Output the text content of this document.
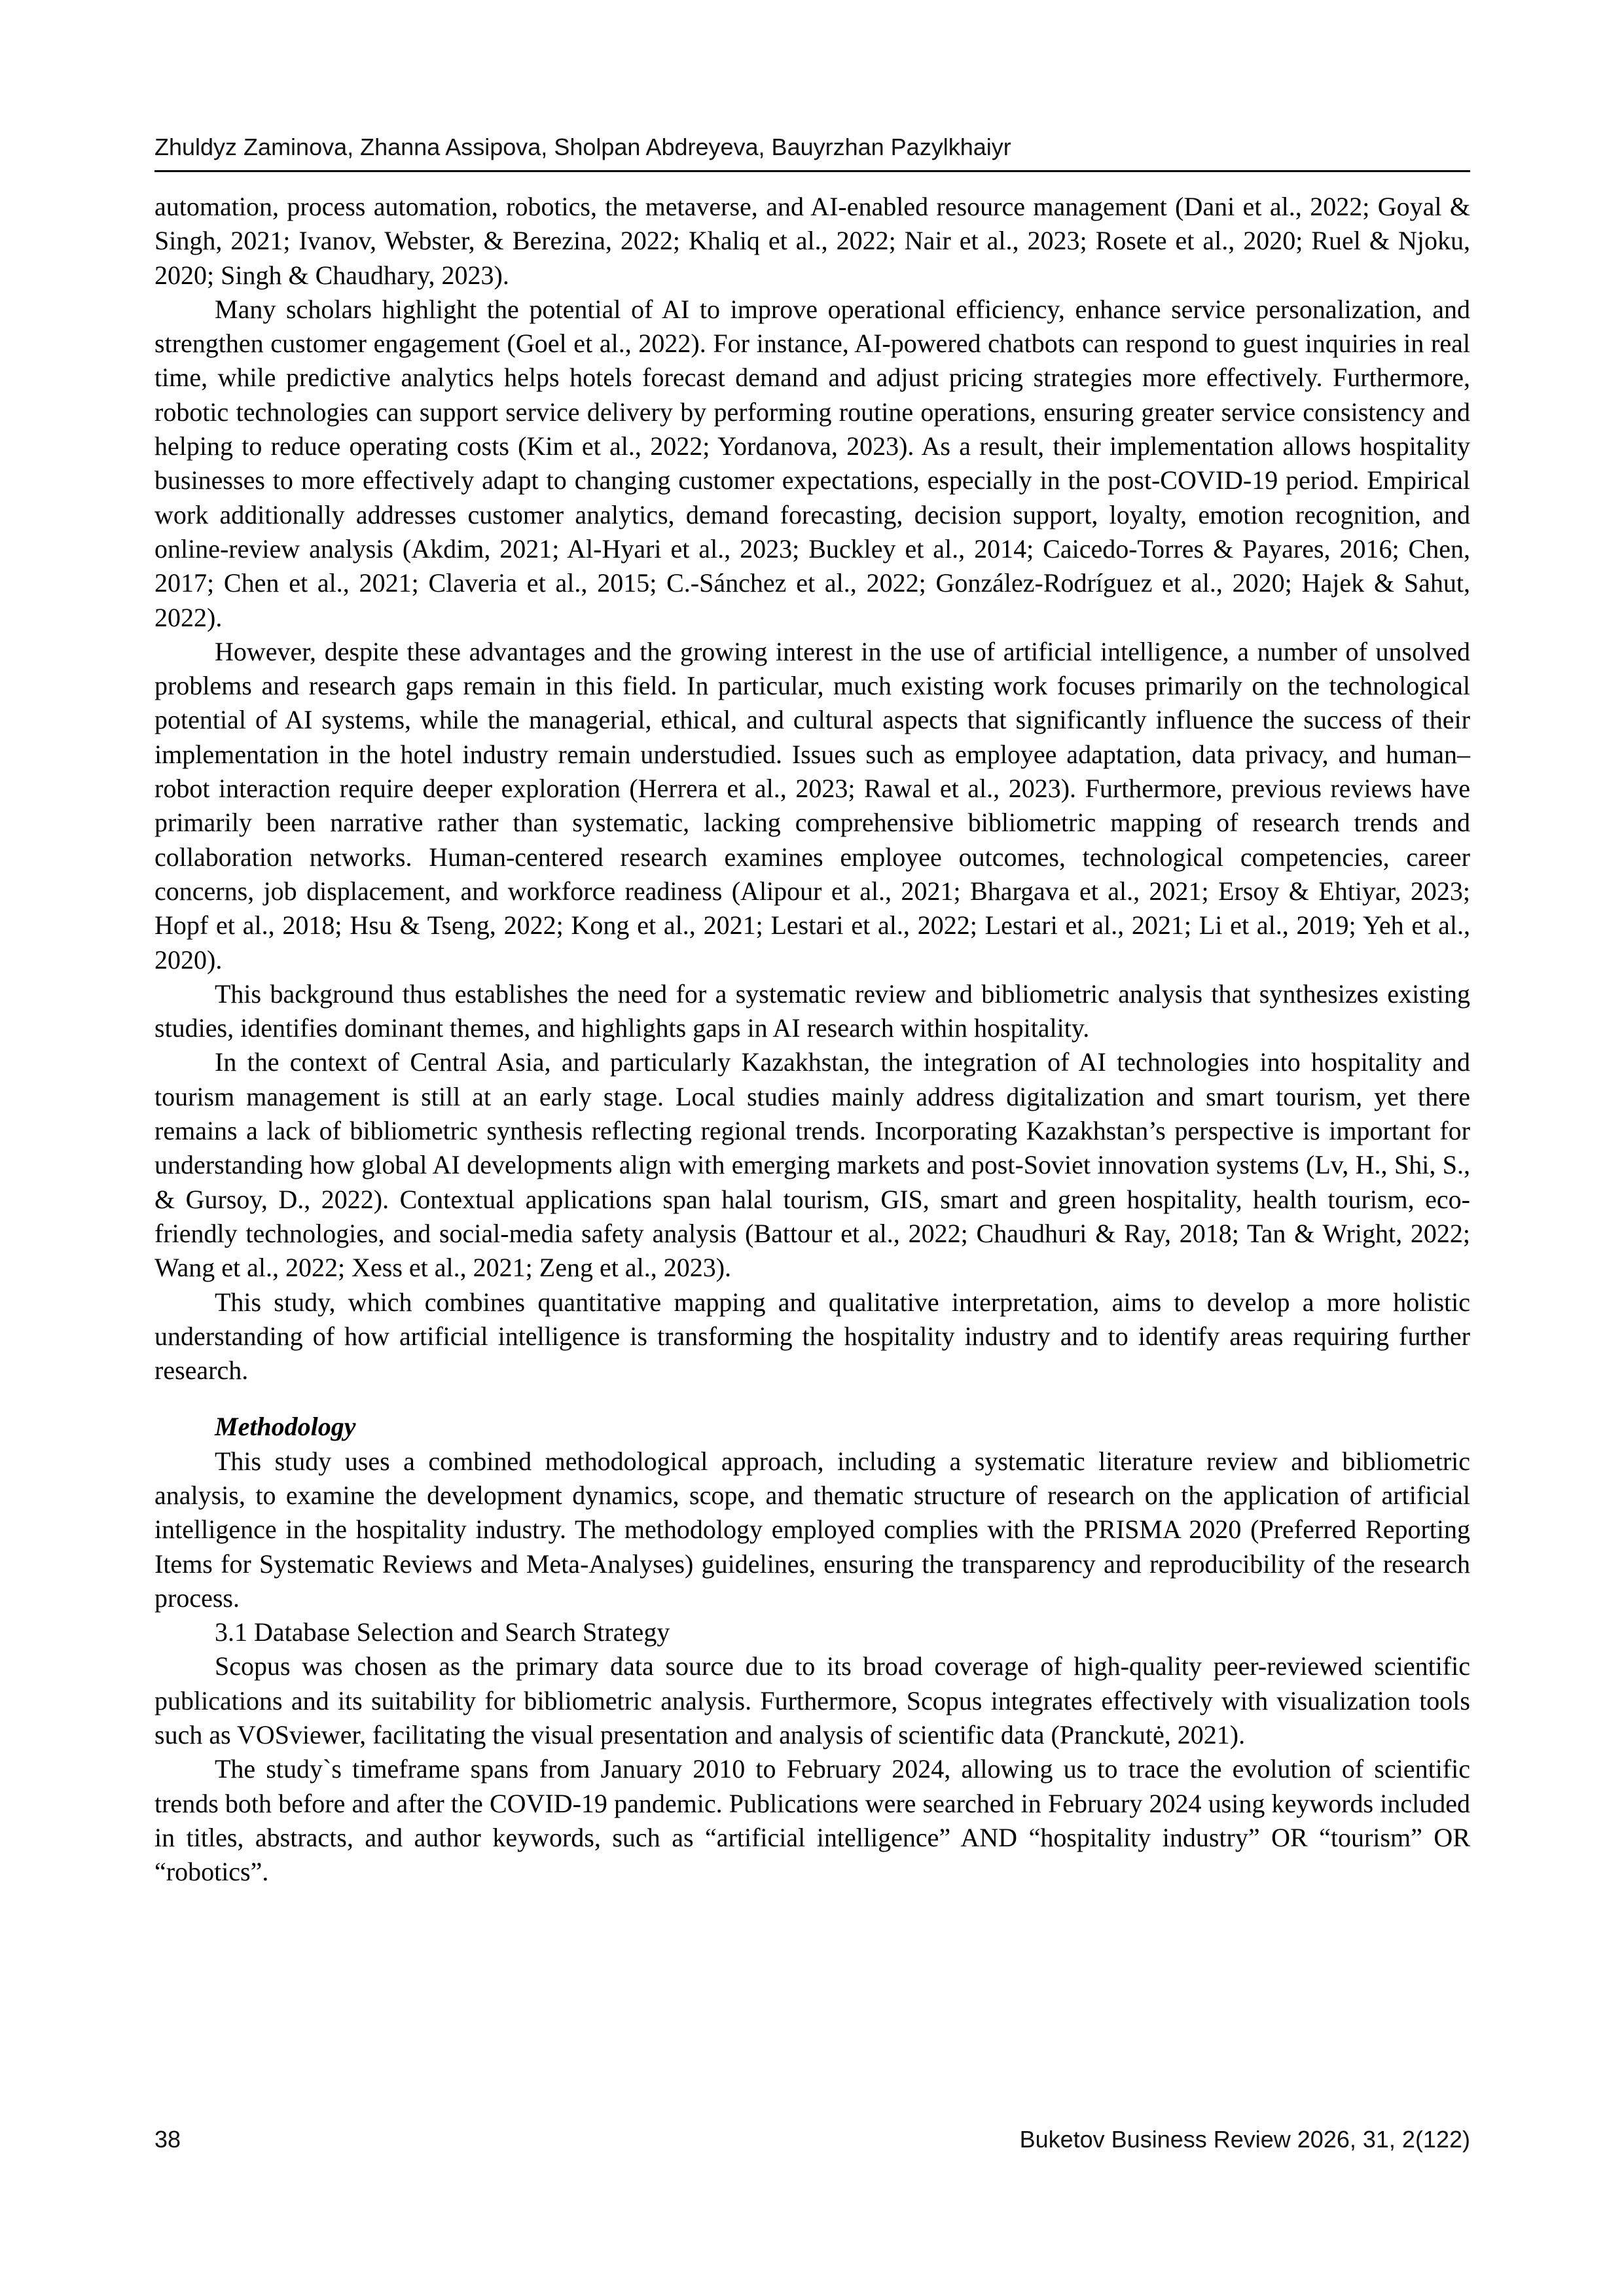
Zhuldyz Zaminova, Zhanna Assipova, Sholpan Abdreyeva, Bauyrzhan Pazylkhaiyr

automation, process automation, robotics, the metaverse, and AI-enabled resource management (Dani et al., 2022; Goyal & Singh, 2021; Ivanov, Webster, & Berezina, 2022; Khaliq et al., 2022; Nair et al., 2023; Rosete et al., 2020; Ruel & Njoku, 2020; Singh & Chaudhary, 2023).

Many scholars highlight the potential of AI to improve operational efficiency, enhance service personalization, and strengthen customer engagement (Goel et al., 2022). For instance, AI-powered chatbots can respond to guest inquiries in real time, while predictive analytics helps hotels forecast demand and adjust pricing strategies more effectively. Furthermore, robotic technologies can support service delivery by performing routine operations, ensuring greater service consistency and helping to reduce operating costs (Kim et al., 2022; Yordanova, 2023). As a result, their implementation allows hospitality businesses to more effectively adapt to changing customer expectations, especially in the post-COVID-19 period. Empirical work additionally addresses customer analytics, demand forecasting, decision support, loyalty, emotion recognition, and online-review analysis (Akdim, 2021; Al-Hyari et al., 2023; Buckley et al., 2014; Caicedo-Torres & Payares, 2016; Chen, 2017; Chen et al., 2021; Claveria et al., 2015; C.-Sánchez et al., 2022; González-Rodríguez et al., 2020; Hajek & Sahut, 2022).

However, despite these advantages and the growing interest in the use of artificial intelligence, a number of unsolved problems and research gaps remain in this field. In particular, much existing work focuses primarily on the technological potential of AI systems, while the managerial, ethical, and cultural aspects that significantly influence the success of their implementation in the hotel industry remain understudied. Issues such as employee adaptation, data privacy, and human–robot interaction require deeper exploration (Herrera et al., 2023; Rawal et al., 2023). Furthermore, previous reviews have primarily been narrative rather than systematic, lacking comprehensive bibliometric mapping of research trends and collaboration networks. Human-centered research examines employee outcomes, technological competencies, career concerns, job displacement, and workforce readiness (Alipour et al., 2021; Bhargava et al., 2021; Ersoy & Ehtiyar, 2023; Hopf et al., 2018; Hsu & Tseng, 2022; Kong et al., 2021; Lestari et al., 2022; Lestari et al., 2021; Li et al., 2019; Yeh et al., 2020).

This background thus establishes the need for a systematic review and bibliometric analysis that synthesizes existing studies, identifies dominant themes, and highlights gaps in AI research within hospitality.

In the context of Central Asia, and particularly Kazakhstan, the integration of AI technologies into hospitality and tourism management is still at an early stage. Local studies mainly address digitalization and smart tourism, yet there remains a lack of bibliometric synthesis reflecting regional trends. Incorporating Kazakhstan’s perspective is important for understanding how global AI developments align with emerging markets and post-Soviet innovation systems (Lv, H., Shi, S., & Gursoy, D., 2022). Contextual applications span halal tourism, GIS, smart and green hospitality, health tourism, eco-friendly technologies, and social-media safety analysis (Battour et al., 2022; Chaudhuri & Ray, 2018; Tan & Wright, 2022; Wang et al., 2022; Xess et al., 2021; Zeng et al., 2023).

This study, which combines quantitative mapping and qualitative interpretation, aims to develop a more holistic understanding of how artificial intelligence is transforming the hospitality industry and to identify areas requiring further research.

Methodology

This study uses a combined methodological approach, including a systematic literature review and bibliometric analysis, to examine the development dynamics, scope, and thematic structure of research on the application of artificial intelligence in the hospitality industry. The methodology employed complies with the PRISMA 2020 (Preferred Reporting Items for Systematic Reviews and Meta-Analyses) guidelines, ensuring the transparency and reproducibility of the research process.

3.1 Database Selection and Search Strategy

Scopus was chosen as the primary data source due to its broad coverage of high-quality peer-reviewed scientific publications and its suitability for bibliometric analysis. Furthermore, Scopus integrates effectively with visualization tools such as VOSviewer, facilitating the visual presentation and analysis of scientific data (Pranckutė, 2021).

The study`s timeframe spans from January 2010 to February 2024, allowing us to trace the evolution of scientific trends both before and after the COVID-19 pandemic. Publications were searched in February 2024 using keywords included in titles, abstracts, and author keywords, such as “artificial intelligence” AND “hospitality industry” OR “tourism” OR “robotics”.

38	Buketov Business Review 2026, 31, 2(122)
